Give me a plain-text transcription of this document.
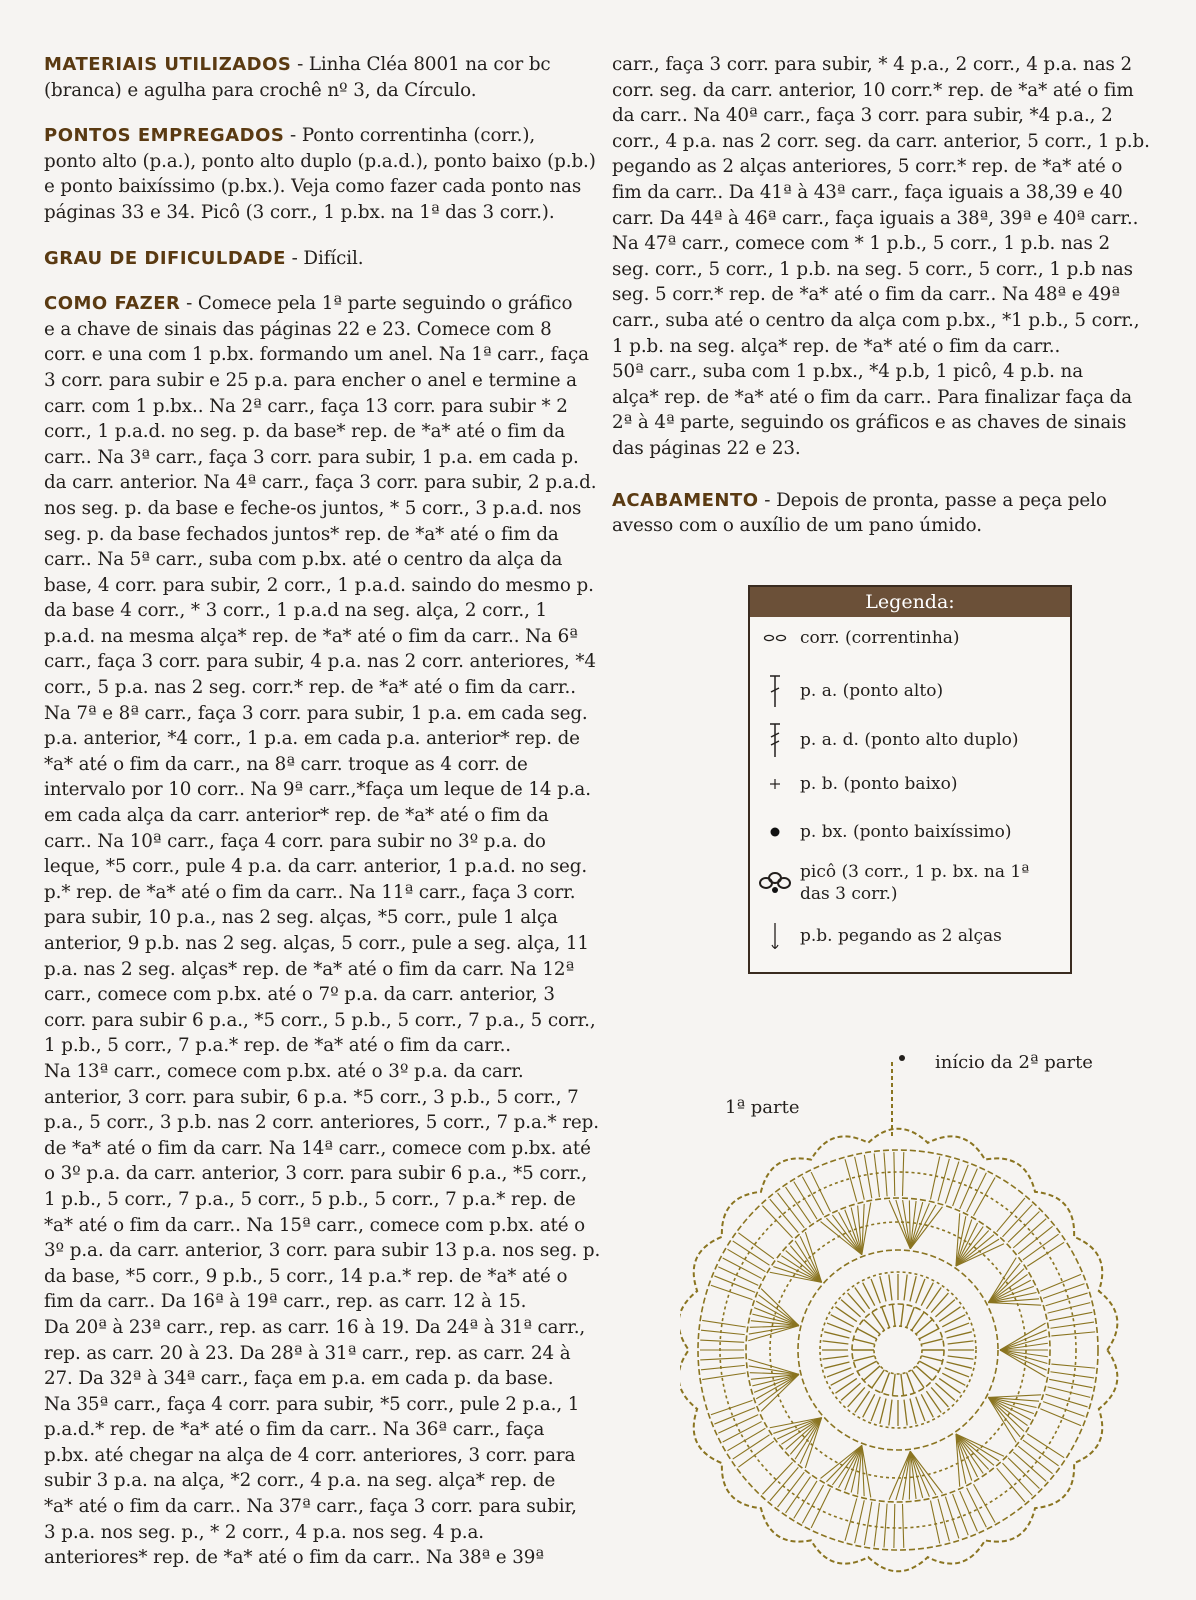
MATERIAIS UTILIZADOS - Linha Cléa 8001 na cor bc
(branca) e agulha para crochê nº 3, da Círculo.
PONTOS EMPREGADOS - Ponto correntinha (corr.),
ponto alto (p.a.), ponto alto duplo (p.a.d.), ponto baixo (p.b.)
e ponto baixíssimo (p.bx.). Veja como fazer cada ponto nas
páginas 33 e 34. Picô (3 corr., 1 p.bx. na 1ª das 3 corr.).
GRAU DE DIFICULDADE - Difícil.
COMO FAZER - Comece pela 1ª parte seguindo o gráfico
e a chave de sinais das páginas 22 e 23. Comece com 8
corr. e una com 1 p.bx. formando um anel. Na 1ª carr., faça
3 corr. para subir e 25 p.a. para encher o anel e termine a
carr. com 1 p.bx.. Na 2ª carr., faça 13 corr. para subir * 2
corr., 1 p.a.d. no seg. p. da base* rep. de *a* até o fim da
carr.. Na 3ª carr., faça 3 corr. para subir, 1 p.a. em cada p.
da carr. anterior. Na 4ª carr., faça 3 corr. para subir, 2 p.a.d.
nos seg. p. da base e feche-os juntos, * 5 corr., 3 p.a.d. nos
seg. p. da base fechados juntos* rep. de *a* até o fim da
carr.. Na 5ª carr., suba com p.bx. até o centro da alça da
base, 4 corr. para subir, 2 corr., 1 p.a.d. saindo do mesmo p.
da base 4 corr., * 3 corr., 1 p.a.d na seg. alça, 2 corr., 1
p.a.d. na mesma alça* rep. de *a* até o fim da carr.. Na 6ª
carr., faça 3 corr. para subir, 4 p.a. nas 2 corr. anteriores, *4
corr., 5 p.a. nas 2 seg. corr.* rep. de *a* até o fim da carr..
Na 7ª e 8ª carr., faça 3 corr. para subir, 1 p.a. em cada seg.
p.a. anterior, *4 corr., 1 p.a. em cada p.a. anterior* rep. de
*a* até o fim da carr., na 8ª carr. troque as 4 corr. de
intervalo por 10 corr.. Na 9ª carr.,*faça um leque de 14 p.a.
em cada alça da carr. anterior* rep. de *a* até o fim da
carr.. Na 10ª carr., faça 4 corr. para subir no 3º p.a. do
leque, *5 corr., pule 4 p.a. da carr. anterior, 1 p.a.d. no seg.
p.* rep. de *a* até o fim da carr.. Na 11ª carr., faça 3 corr.
para subir, 10 p.a., nas 2 seg. alças, *5 corr., pule 1 alça
anterior, 9 p.b. nas 2 seg. alças, 5 corr., pule a seg. alça, 11
p.a. nas 2 seg. alças* rep. de *a* até o fim da carr. Na 12ª
carr., comece com p.bx. até o 7º p.a. da carr. anterior, 3
corr. para subir 6 p.a., *5 corr., 5 p.b., 5 corr., 7 p.a., 5 corr.,
1 p.b., 5 corr., 7 p.a.* rep. de *a* até o fim da carr..
Na 13ª carr., comece com p.bx. até o 3º p.a. da carr.
anterior, 3 corr. para subir, 6 p.a. *5 corr., 3 p.b., 5 corr., 7
p.a., 5 corr., 3 p.b. nas 2 corr. anteriores, 5 corr., 7 p.a.* rep.
de *a* até o fim da carr. Na 14ª carr., comece com p.bx. até
o 3º p.a. da carr. anterior, 3 corr. para subir 6 p.a., *5 corr.,
1 p.b., 5 corr., 7 p.a., 5 corr., 5 p.b., 5 corr., 7 p.a.* rep. de
*a* até o fim da carr.. Na 15ª carr., comece com p.bx. até o
3º p.a. da carr. anterior, 3 corr. para subir 13 p.a. nos seg. p.
da base, *5 corr., 9 p.b., 5 corr., 14 p.a.* rep. de *a* até o
fim da carr.. Da 16ª à 19ª carr., rep. as carr. 12 à 15.
Da 20ª à 23ª carr., rep. as carr. 16 à 19. Da 24ª à 31ª carr.,
rep. as carr. 20 à 23. Da 28ª à 31ª carr., rep. as carr. 24 à
27. Da 32ª à 34ª carr., faça em p.a. em cada p. da base.
Na 35ª carr., faça 4 corr. para subir, *5 corr., pule 2 p.a., 1
p.a.d.* rep. de *a* até o fim da carr.. Na 36ª carr., faça
p.bx. até chegar na alça de 4 corr. anteriores, 3 corr. para
subir 3 p.a. na alça, *2 corr., 4 p.a. na seg. alça* rep. de
*a* até o fim da carr.. Na 37ª carr., faça 3 corr. para subir,
3 p.a. nos seg. p., * 2 corr., 4 p.a. nos seg. 4 p.a.
anteriores* rep. de *a* até o fim da carr.. Na 38ª e 39ª
carr., faça 3 corr. para subir, * 4 p.a., 2 corr., 4 p.a. nas 2
corr. seg. da carr. anterior, 10 corr.* rep. de *a* até o fim
da carr.. Na 40ª carr., faça 3 corr. para subir, *4 p.a., 2
corr., 4 p.a. nas 2 corr. seg. da carr. anterior, 5 corr., 1 p.b.
pegando as 2 alças anteriores, 5 corr.* rep. de *a* até o
fim da carr.. Da 41ª à 43ª carr., faça iguais a 38,39 e 40
carr. Da 44ª à 46ª carr., faça iguais a 38ª, 39ª e 40ª carr..
Na 47ª carr., comece com * 1 p.b., 5 corr., 1 p.b. nas 2
seg. corr., 5 corr., 1 p.b. na seg. 5 corr., 5 corr., 1 p.b nas
seg. 5 corr.* rep. de *a* até o fim da carr.. Na 48ª e 49ª
carr., suba até o centro da alça com p.bx., *1 p.b., 5 corr.,
1 p.b. na seg. alça* rep. de *a* até o fim da carr..
50ª carr., suba com 1 p.bx., *4 p.b, 1 picô, 4 p.b. na
alça* rep. de *a* até o fim da carr.. Para finalizar faça da
2ª à 4ª parte, seguindo os gráficos e as chaves de sinais
das páginas 22 e 23.
ACABAMENTO - Depois de pronta, passe a peça pelo
avesso com o auxílio de um pano úmido.
Legenda:
corr. (correntinha)
p. a. (ponto alto)
p. a. d. (ponto alto duplo)
p. b. (ponto baixo)
p. bx. (ponto baixíssimo)
picô (3 corr., 1 p. bx. na 1ª
das 3 corr.)
p.b. pegando as 2 alças
1ª parte
início da 2ª parte
